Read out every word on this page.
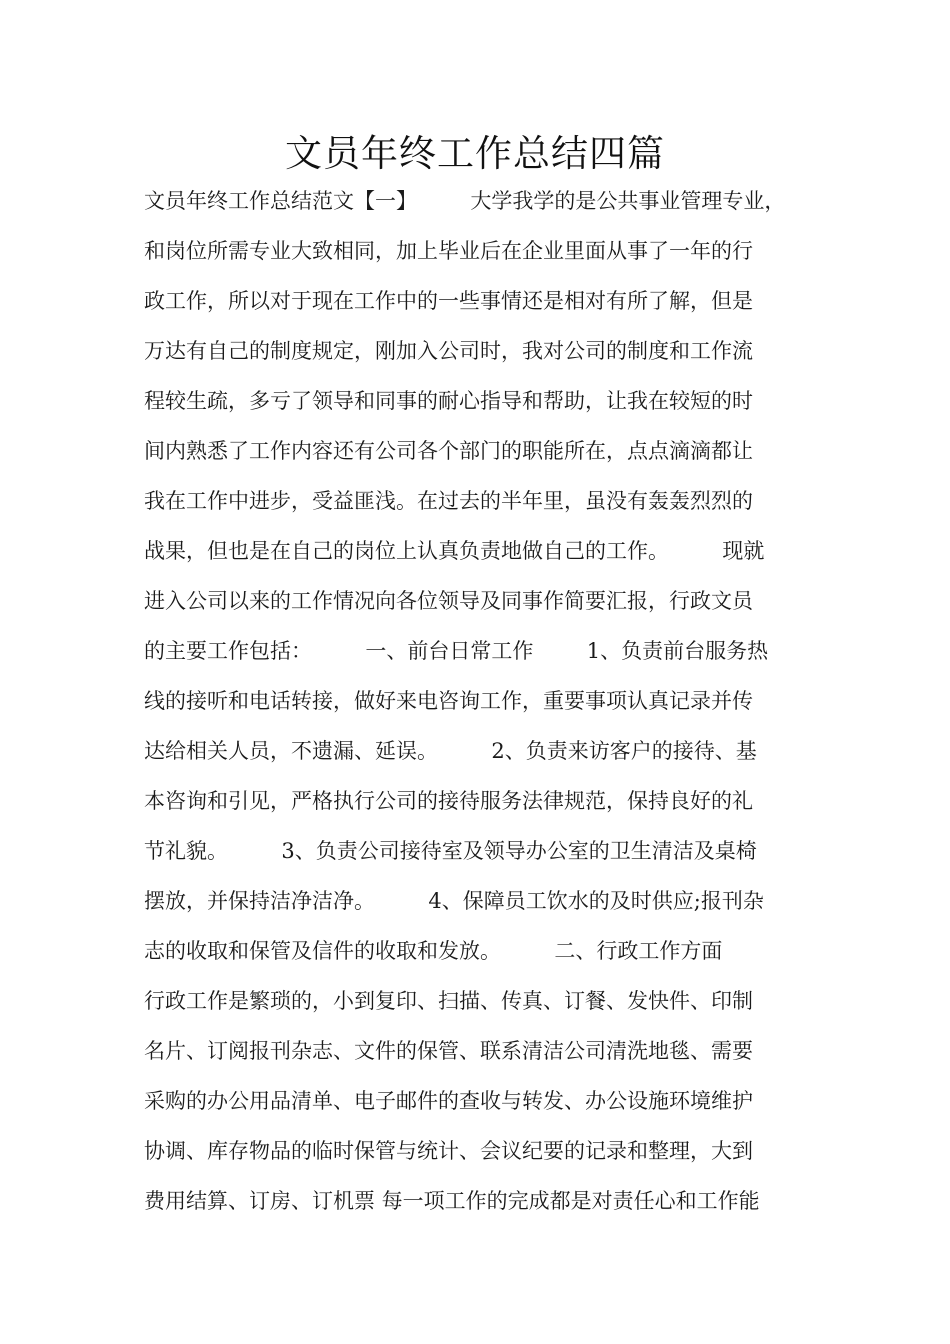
文员年终工作总结四篇
文员年终工作总结范文【一】        大学我学的是公共事业管理专业，
和岗位所需专业大致相同，加上毕业后在企业里面从事了一年的行
政工作，所以对于现在工作中的一些事情还是相对有所了解，但是
万达有自己的制度规定，刚加入公司时，我对公司的制度和工作流
程较生疏，多亏了领导和同事的耐心指导和帮助，让我在较短的时
间内熟悉了工作内容还有公司各个部门的职能所在，点点滴滴都让
我在工作中进步，受益匪浅。在过去的半年里，虽没有轰轰烈烈的
战果，但也是在自己的岗位上认真负责地做自己的工作。        现就
进入公司以来的工作情况向各位领导及同事作简要汇报，行政文员
的主要工作包括：        一、前台日常工作        1、负责前台服务热
线的接听和电话转接，做好来电咨询工作，重要事项认真记录并传
达给相关人员，不遗漏、延误。        2、负责来访客户的接待、基
本咨询和引见，严格执行公司的接待服务法律规范，保持良好的礼
节礼貌。        3、负责公司接待室及领导办公室的卫生清洁及桌椅
摆放，并保持洁净洁净。        4、保障员工饮水的及时供应;报刊杂
志的收取和保管及信件的收取和发放。        二、行政工作方面
行政工作是繁琐的，小到复印、扫描、传真、订餐、发快件、印制
名片、订阅报刊杂志、文件的保管、联系清洁公司清洗地毯、需要
采购的办公用品清单、电子邮件的查收与转发、办公设施环境维护
协调、库存物品的临时保管与统计、会议纪要的记录和整理，大到
费用结算、订房、订机票 每一项工作的完成都是对责任心和工作能
